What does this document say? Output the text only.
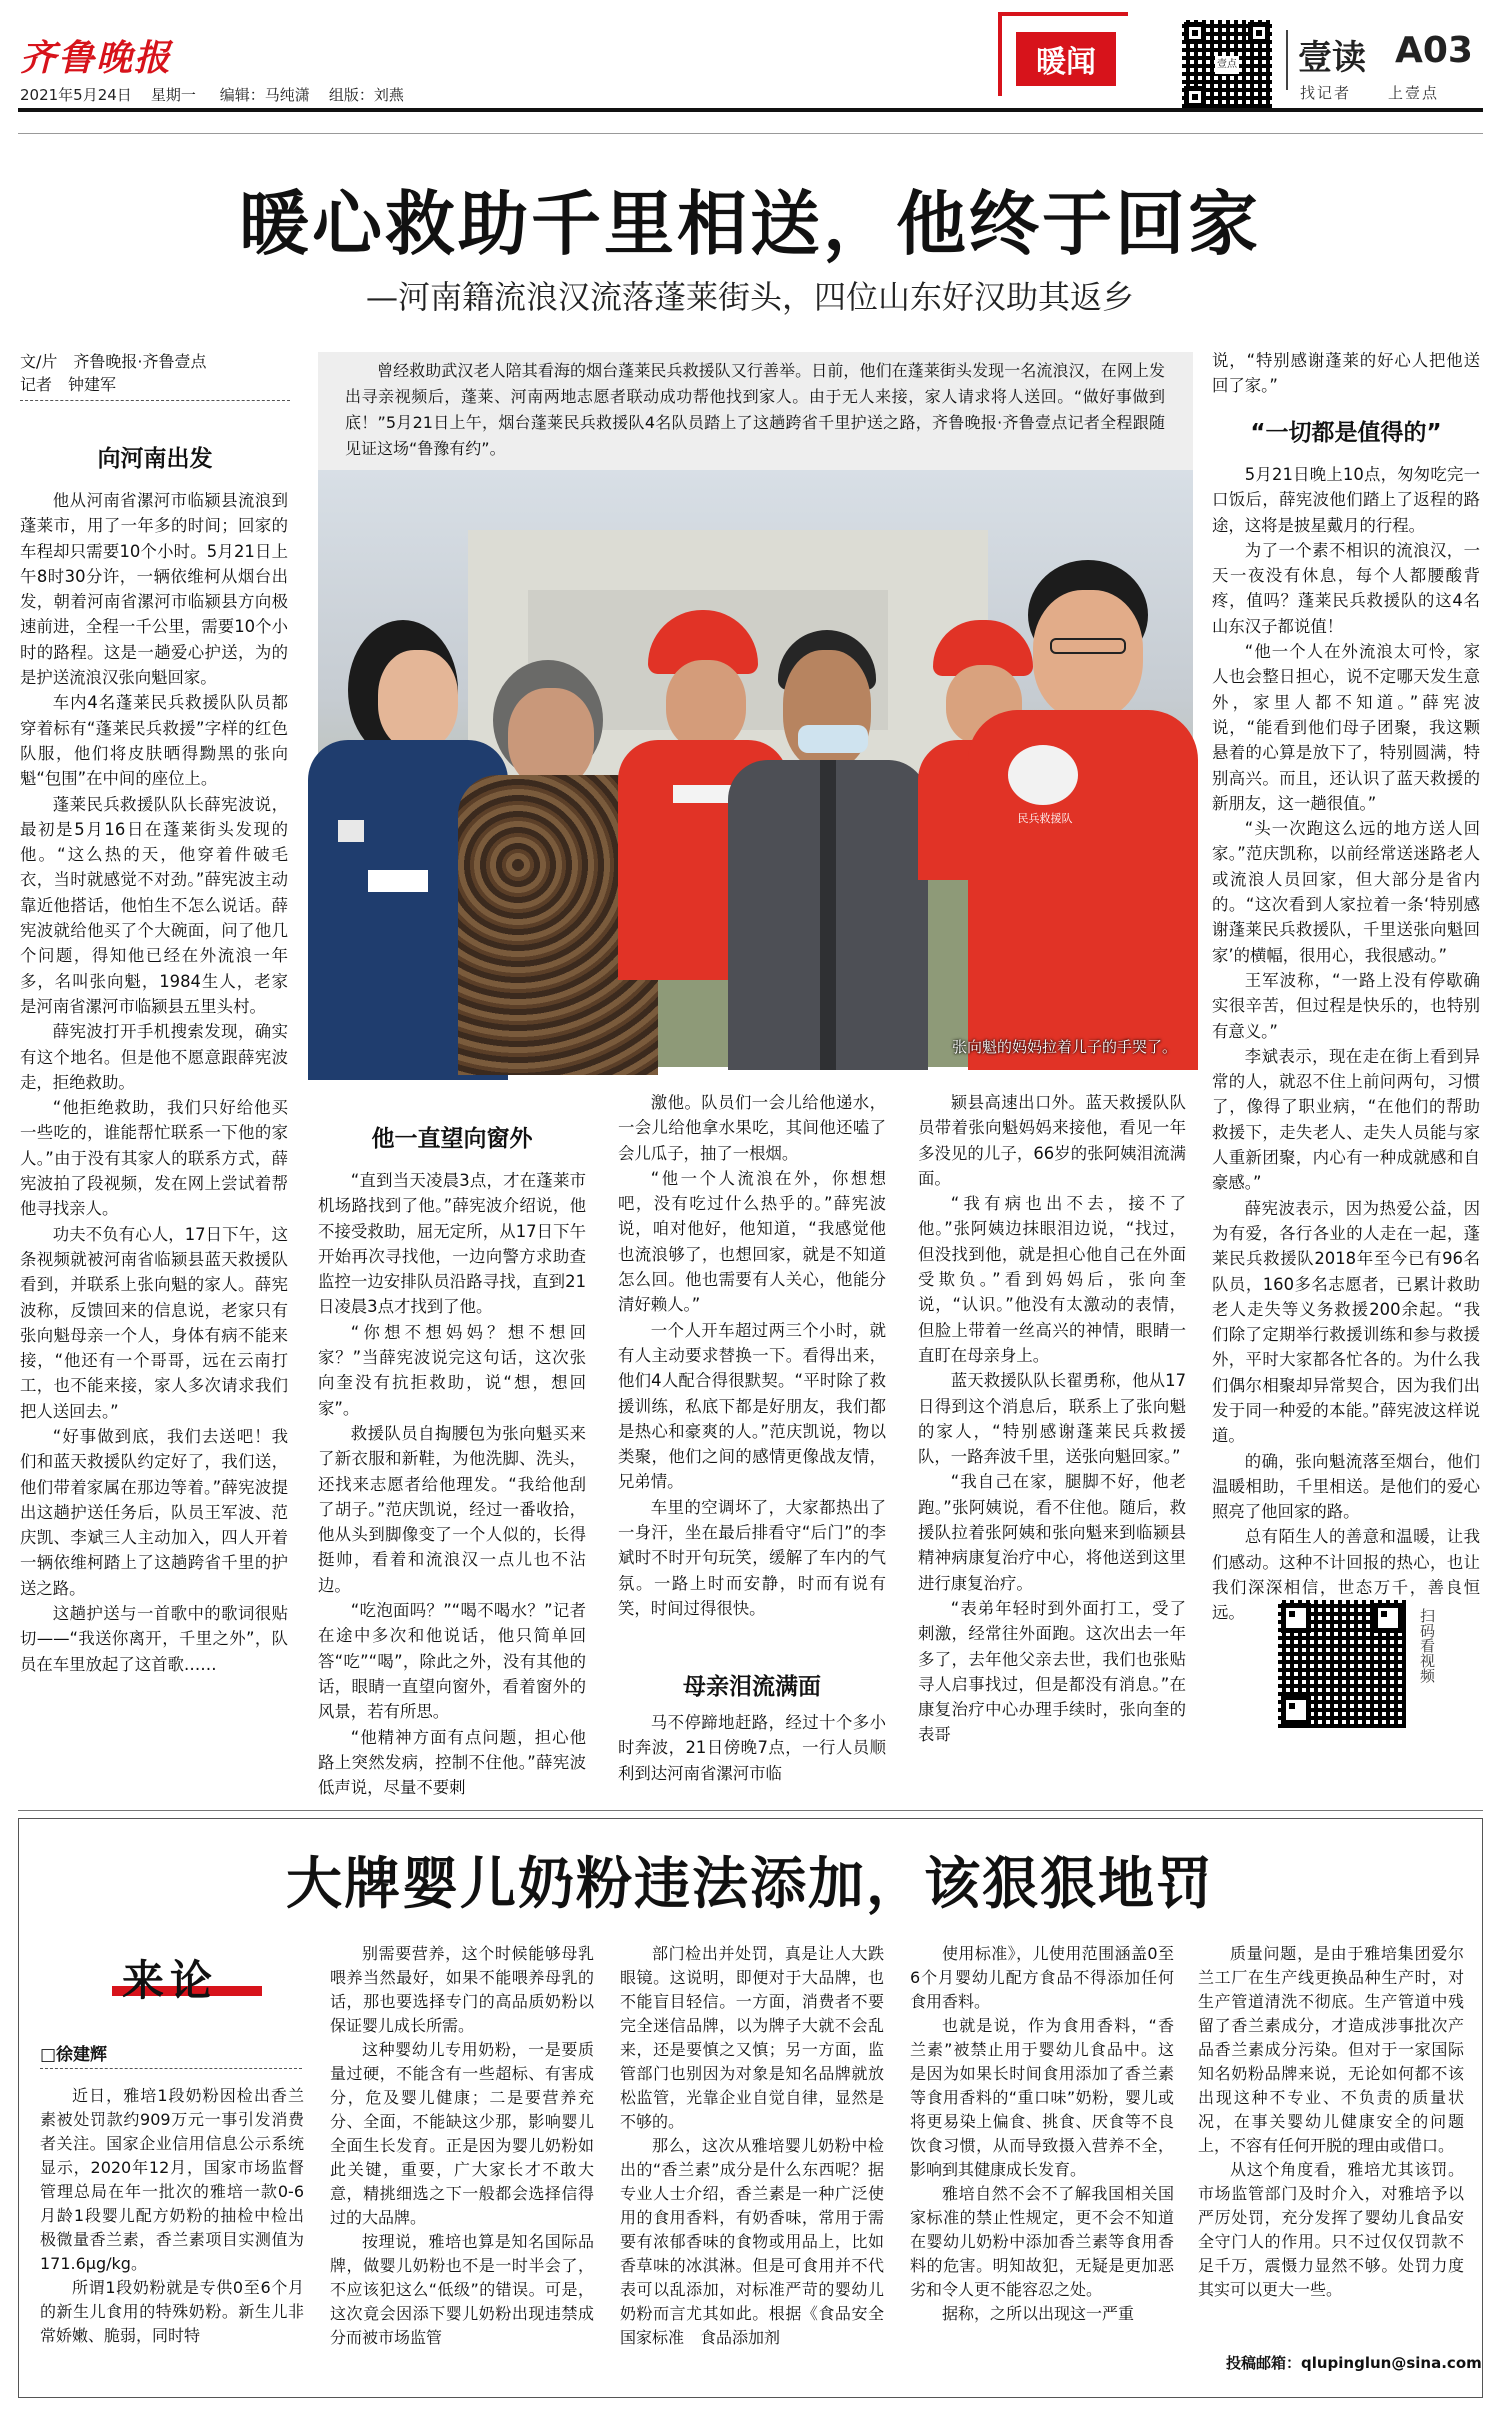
齐鲁晚报
2021年5月24日 星期一 编辑：马纯潇 组版：刘燕
暖闻	壹点 壹读 A03
找记者 上壹点
暖心救助千里相送，他终于回家
—河南籍流浪汉流落蓬莱街头，四位山东好汉助其返乡
文/片　齐鲁晚报·齐鲁壹点
记者　钟建军
曾经救助武汉老人陪其看海的烟台蓬莱民兵救援队又行善举。日前，他们在蓬莱街头发现一名流浪汉，在网上发出寻亲视频后，蓬莱、河南两地志愿者联动成功帮他找到家人。由于无人来接，家人请求将人送回。“做好事做到底！”5月21日上午，烟台蓬莱民兵救援队4名队员踏上了这趟跨省千里护送之路，齐鲁晚报·齐鲁壹点记者全程跟随见证这场“鲁豫有约”。
民兵救援队
张向魁的妈妈拉着儿子的手哭了。
向河南出发

他从河南省漯河市临颍县流浪到蓬莱市，用了一年多的时间；回家的车程却只需要10个小时。5月21日上午8时30分许，一辆依维柯从烟台出发，朝着河南省漯河市临颍县方向极速前进，全程一千公里，需要10个小时的路程。这是一趟爱心护送，为的是护送流浪汉张向魁回家。

车内4名蓬莱民兵救援队队员都穿着标有“蓬莱民兵救援”字样的红色队服，他们将皮肤晒得黝黑的张向魁“包围”在中间的座位上。

蓬莱民兵救援队队长薛宪波说，最初是5月16日在蓬莱街头发现的他。“这么热的天，他穿着件破毛衣，当时就感觉不对劲。”薛宪波主动靠近他搭话，他怕生不怎么说话。薛宪波就给他买了个大碗面，问了他几个问题，得知他已经在外流浪一年多，名叫张向魁，1984生人，老家是河南省漯河市临颍县五里头村。

薛宪波打开手机搜索发现，确实有这个地名。但是他不愿意跟薛宪波走，拒绝救助。

“他拒绝救助，我们只好给他买一些吃的，谁能帮忙联系一下他的家人。”由于没有其家人的联系方式，薛宪波拍了段视频，发在网上尝试着帮他寻找亲人。

功夫不负有心人，17日下午，这条视频就被河南省临颍县蓝天救援队看到，并联系上张向魁的家人。薛宪波称，反馈回来的信息说，老家只有张向魁母亲一个人，身体有病不能来接，“他还有一个哥哥，远在云南打工，也不能来接，家人多次请求我们把人送回去。”

“好事做到底，我们去送吧！我们和蓝天救援队约定好了，我们送，他们带着家属在那边等着。”薛宪波提出这趟护送任务后，队员王军波、范庆凯、李斌三人主动加入，四人开着一辆依维柯踏上了这趟跨省千里的护送之路。

这趟护送与一首歌中的歌词很贴切——“我送你离开，千里之外”，队员在车里放起了这首歌……

他一直望向窗外

“直到当天凌晨3点，才在蓬莱市机场路找到了他。”薛宪波介绍说，他不接受救助，屈无定所，从17日下午开始再次寻找他，一边向警方求助查监控一边安排队员沿路寻找，直到21日凌晨3点才找到了他。

“你想不想妈妈？想不想回家？”当薛宪波说完这句话，这次张向奎没有抗拒救助，说“想，想回家”。

救援队员自掏腰包为张向魁买来了新衣服和新鞋，为他洗脚、洗头，还找来志愿者给他理发。“我给他刮了胡子。”范庆凯说，经过一番收拾，他从头到脚像变了一个人似的，长得挺帅，看着和流浪汉一点儿也不沾边。

“吃泡面吗？”“喝不喝水？”记者在途中多次和他说话，他只简单回答“吃”“喝”，除此之外，没有其他的话，眼睛一直望向窗外，看着窗外的风景，若有所思。

“他精神方面有点问题，担心他路上突然发病，控制不住他。”薛宪波低声说，尽量不要刺

激他。队员们一会儿给他递水，一会儿给他拿水果吃，其间他还嗑了会儿瓜子，抽了一根烟。

“他一个人流浪在外，你想想吧，没有吃过什么热乎的。”薛宪波说，咱对他好，他知道，“我感觉他也流浪够了，也想回家，就是不知道怎么回。他也需要有人关心，他能分清好赖人。”

一个人开车超过两三个小时，就有人主动要求替换一下。看得出来，他们4人配合得很默契。“平时除了救援训练，私底下都是好朋友，我们都是热心和豪爽的人。”范庆凯说，物以类聚，他们之间的感情更像战友情，兄弟情。

车里的空调坏了，大家都热出了一身汗，坐在最后排看守“后门”的李斌时不时开句玩笑，缓解了车内的气氛。一路上时而安静，时而有说有笑，时间过得很快。

母亲泪流满面

马不停蹄地赶路，经过十个多小时奔波，21日傍晚7点，一行人员顺利到达河南省漯河市临

颍县高速出口外。蓝天救援队队员带着张向魁妈妈来接他，看见一年多没见的儿子，66岁的张阿姨泪流满面。

“我有病也出不去，接不了他。”张阿姨边抹眼泪边说，“找过，但没找到他，就是担心他自己在外面受欺负。”看到妈妈后，张向奎说，“认识。”他没有太激动的表情，但脸上带着一丝高兴的神情，眼睛一直盯在母亲身上。

蓝天救援队队长翟勇称，他从17日得到这个消息后，联系上了张向魁的家人，“特别感谢蓬莱民兵救援队，一路奔波千里，送张向魁回家。”

“我自己在家，腿脚不好，他老跑。”张阿姨说，看不住他。随后，救援队拉着张阿姨和张向魁来到临颍县精神病康复治疗中心，将他送到这里进行康复治疗。

“表弟年轻时到外面打工，受了刺激，经常往外面跑。这次出去一年多了，去年他父亲去世，我们也张贴寻人启事找过，但是都没有消息。”在康复治疗中心办理手续时，张向奎的表哥

说，“特别感谢蓬莱的好心人把他送回了家。”
“一切都是值得的”

5月21日晚上10点，匆匆吃完一口饭后，薛宪波他们踏上了返程的路途，这将是披星戴月的行程。

为了一个素不相识的流浪汉，一天一夜没有休息，每个人都腰酸背疼，值吗？蓬莱民兵救援队的这4名山东汉子都说值！

“他一个人在外流浪太可怜，家人也会整日担心，说不定哪天发生意外，家里人都不知道。”薛宪波说，“能看到他们母子团聚，我这颗悬着的心算是放下了，特别圆满，特别高兴。而且，还认识了蓝天救援的新朋友，这一趟很值。”

“头一次跑这么远的地方送人回家。”范庆凯称，以前经常送迷路老人或流浪人员回家，但大部分是省内的。“这次看到人家拉着一条‘特别感谢蓬莱民兵救援队，千里送张向魁回家’的横幅，很用心，我很感动。”

王军波称，“一路上没有停歇确实很辛苦，但过程是快乐的，也特别有意义。”

李斌表示，现在走在街上看到异常的人，就忍不住上前问两句，习惯了，像得了职业病，“在他们的帮助救援下，走失老人、走失人员能与家人重新团聚，内心有一种成就感和自豪感。”

薛宪波表示，因为热爱公益，因为有爱，各行各业的人走在一起，蓬莱民兵救援队2018年至今已有96名队员，160多名志愿者，已累计救助老人走失等义务救援200余起。“我们除了定期举行救援训练和参与救援外，平时大家都各忙各的。为什么我们偶尔相聚却异常契合，因为我们出发于同一种爱的本能。”薛宪波这样说道。

的确，张向魁流落至烟台，他们温暖相助，千里相送。是他们的爱心照亮了他回家的路。

总有陌生人的善意和温暖，让我们感动。这种不计回报的热心，也让我们深深相信，世态万千，善良恒远。	扫码看视频
大牌婴儿奶粉违法添加，该狠狠地罚
来论
□徐建辉

近日，雅培1段奶粉因检出香兰素被处罚款约909万元一事引发消费者关注。国家企业信用信息公示系统显示，2020年12月，国家市场监督管理总局在年一批次的雅培一款0-6月龄1段婴儿配方奶粉的抽检中检出极微量香兰素，香兰素项目实测值为171.6μg/kg。

所谓1段奶粉就是专供0至6个月的新生儿食用的特殊奶粉。新生儿非常娇嫩、脆弱，同时特

别需要营养，这个时候能够母乳喂养当然最好，如果不能喂养母乳的话，那也要选择专门的高品质奶粉以保证婴儿成长所需。

这种婴幼儿专用奶粉，一是要质量过硬，不能含有一些超标、有害成分，危及婴儿健康；二是要营养充分、全面，不能缺这少那，影响婴儿全面生长发育。正是因为婴儿奶粉如此关键，重要，广大家长才不敢大意，精挑细选之下一般都会选择信得过的大品牌。

按理说，雅培也算是知名国际品牌，做婴儿奶粉也不是一时半会了，不应该犯这么“低级”的错误。可是，这次竟会因添下婴儿奶粉出现违禁成分而被市场监管

部门检出并处罚，真是让人大跌眼镜。这说明，即便对于大品牌，也不能盲目轻信。一方面，消费者不要完全迷信品牌，以为牌子大就不会乱来，还是要慎之又慎；另一方面，监管部门也别因为对象是知名品牌就放松监管，光靠企业自觉自律，显然是不够的。

那么，这次从雅培婴儿奶粉中检出的“香兰素”成分是什么东西呢？据专业人士介绍，香兰素是一种广泛使用的食用香料，有奶香味，常用于需要有浓郁香味的食物或用品上，比如香草味的冰淇淋。但是可食用并不代表可以乱添加，对标准严苛的婴幼儿奶粉而言尤其如此。根据《食品安全国家标准　食品添加剂

使用标准》，儿使用范围涵盖0至6个月婴幼儿配方食品不得添加任何食用香料。

也就是说，作为食用香料，“香兰素”被禁止用于婴幼儿食品中。这是因为如果长时间食用添加了香兰素等食用香料的“重口味”奶粉，婴儿或将更易染上偏食、挑食、厌食等不良饮食习惯，从而导致摄入营养不全，影响到其健康成长发育。

雅培自然不会不了解我国相关国家标准的禁止性规定，更不会不知道在婴幼儿奶粉中添加香兰素等食用香料的危害。明知故犯，无疑是更加恶劣和令人更不能容忍之处。

据称，之所以出现这一严重

质量问题，是由于雅培集团爱尔兰工厂在生产线更换品种生产时，对生产管道清洗不彻底。生产管道中残留了香兰素成分，才造成涉事批次产品香兰素成分污染。但对于一家国际知名奶粉品牌来说，无论如何都不该出现这种不专业、不负责的质量状况，在事关婴幼儿健康安全的问题上，不容有任何开脱的理由或借口。

从这个角度看，雅培尤其该罚。市场监管部门及时介入，对雅培予以严厉处罚，充分发挥了婴幼儿食品安全守门人的作用。只不过仅仅罚款不足千万，震慑力显然不够。处罚力度其实可以更大一些。

投稿邮箱：qlupinglun@sina.com
